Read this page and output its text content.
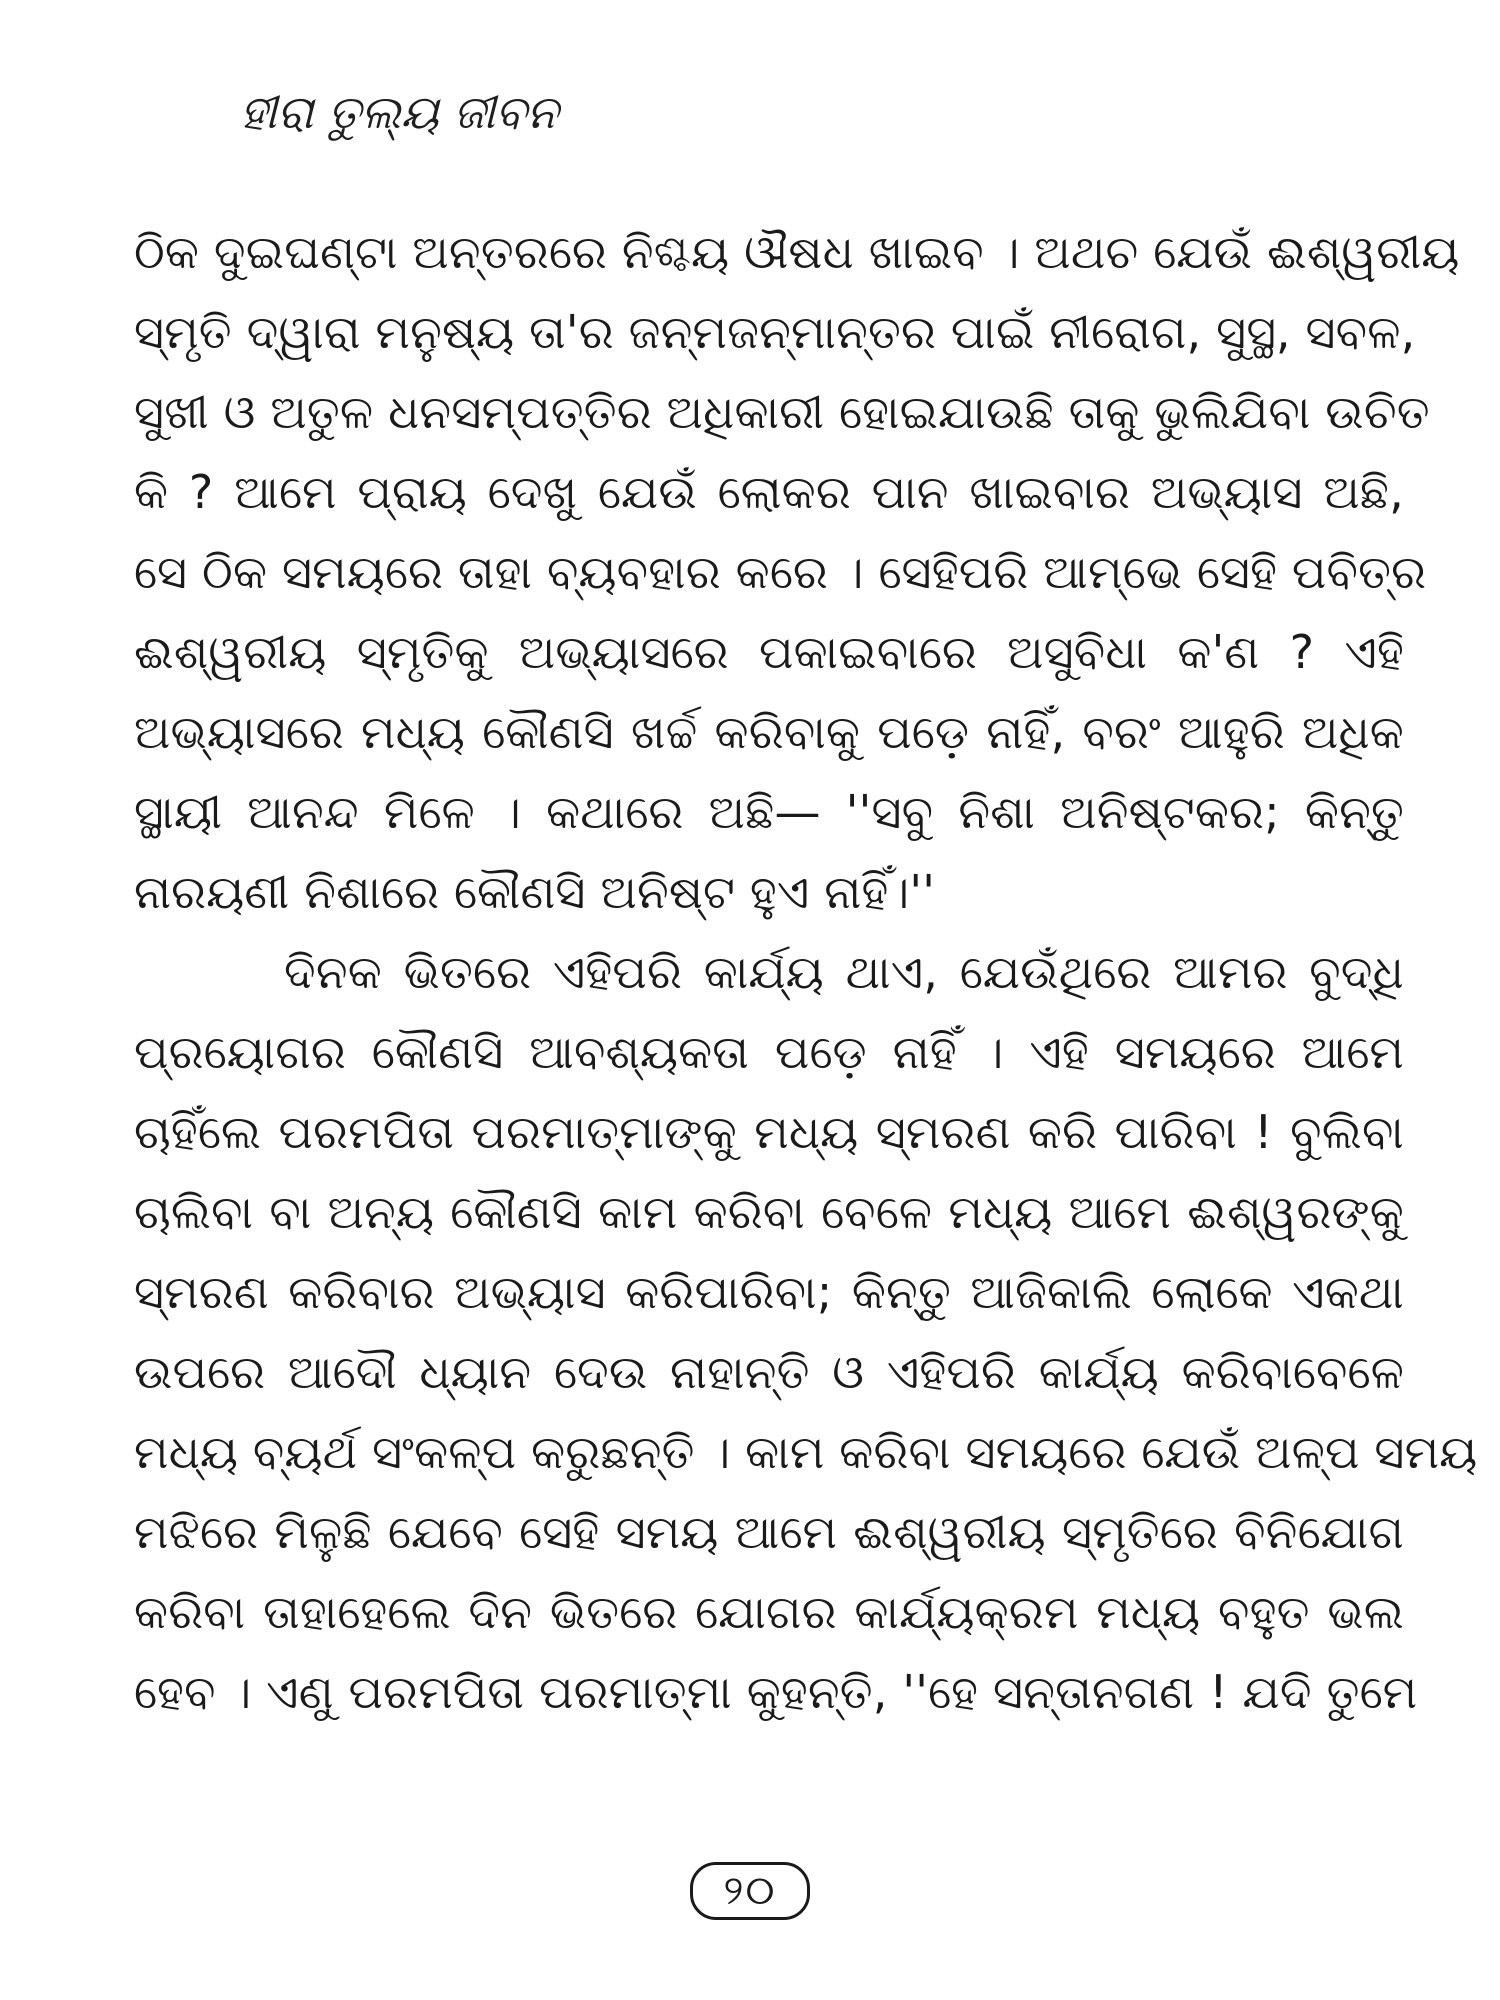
ହୀରା ତୁଲ୍ୟ ଜୀବନ
ଠିକ ଦୁଇଘଣ୍ଟା ଅନ୍ତରରେ ନିଶ୍ଚୟ ଔଷଧ ଖାଇବ । ଅଥଚ ଯେଉଁ ଈଶ୍ୱରୀୟ
ସ୍ମୃତି ଦ୍ୱାରା ମନୁଷ୍ୟ ତା'ର ଜନ୍ମଜନ୍ମାନ୍ତର ପାଇଁ ନୀରୋଗ, ସୁସ୍ଥ, ସବଳ,
ସୁଖୀ ଓ ଅତୁଳ ଧନସମ୍ପତ୍ତିର ଅଧିକାରୀ ହୋଇଯାଉଛି ତାକୁ ଭୁଲିଯିବା ଉଚିତ
କି ? ଆମେ ପ୍ରାୟ ଦେଖୁ ଯେଉଁ ଲୋକର ପାନ ଖାଇବାର ଅଭ୍ୟାସ ଅଛି,
ସେ ଠିକ ସମୟରେ ତାହା ବ୍ୟବହାର କରେ । ସେହିପରି ଆମ୍ଭେ ସେହି ପବିତ୍ର
ଈଶ୍ୱରୀୟ ସ୍ମୃତିକୁ ଅଭ୍ୟାସରେ ପକାଇବାରେ ଅସୁବିଧା କ'ଣ ? ଏହି
ଅଭ୍ୟାସରେ ମଧ୍ୟ କୌଣସି ଖର୍ଚ୍ଚ କରିବାକୁ ପଡ଼େ ନାହିଁ, ବରଂ ଆହୁରି ଅଧିକ
ସ୍ଥାୟୀ ଆନନ୍ଦ ମିଳେ । କଥାରେ ଅଛି— ''ସବୁ ନିଶା ଅନିଷ୍ଟକର; କିନ୍ତୁ
ନାରୟଣୀ ନିଶାରେ କୌଣସି ଅନିଷ୍ଟ ହୁଏ ନାହିଁ।''
ଦିନକ ଭିତରେ ଏହିପରି କାର୍ଯ୍ୟ ଥାଏ, ଯେଉଁଥିରେ ଆମର ବୁଦ୍ଧି
ପ୍ରୟୋଗର କୌଣସି ଆବଶ୍ୟକତା ପଡ଼େ ନାହିଁ । ଏହି ସମୟରେ ଆମେ
ଚାହିଁଲେ ପରମପିତା ପରମାତ୍ମାଙ୍କୁ ମଧ୍ୟ ସ୍ମରଣ କରି ପାରିବା ! ବୁଲିବା
ଚାଲିବା ବା ଅନ୍ୟ କୌଣସି କାମ କରିବା ବେଳେ ମଧ୍ୟ ଆମେ ଈଶ୍ୱରଙ୍କୁ
ସ୍ମରଣ କରିବାର ଅଭ୍ୟାସ କରିପାରିବା; କିନ୍ତୁ ଆଜିକାଲି ଲୋକେ ଏକଥା
ଉପରେ ଆଦୌ ଧ୍ୟାନ ଦେଉ ନାହାନ୍ତି ଓ ଏହିପରି କାର୍ଯ୍ୟ କରିବାବେଳେ
ମଧ୍ୟ ବ୍ୟର୍ଥ ସଂକଳ୍ପ କରୁଛନ୍ତି । କାମ କରିବା ସମୟରେ ଯେଉଁ ଅଳ୍ପ ସମୟ
ମଝିରେ ମିଳୁଛି ଯେବେ ସେହି ସମୟ ଆମେ ଈଶ୍ୱରୀୟ ସ୍ମୃତିରେ ବିନିଯୋଗ
କରିବା ତାହାହେଲେ ଦିନ ଭିତରେ ଯୋଗର କାର୍ଯ୍ୟକ୍ରମ ମଧ୍ୟ ବହୁତ ଭଲ
ହେବ । ଏଣୁ ପରମପିତା ପରମାତ୍ମା କୁହନ୍ତି, ''ହେ ସନ୍ତାନଗଣ ! ଯଦି ତୁମେ
୨୦
